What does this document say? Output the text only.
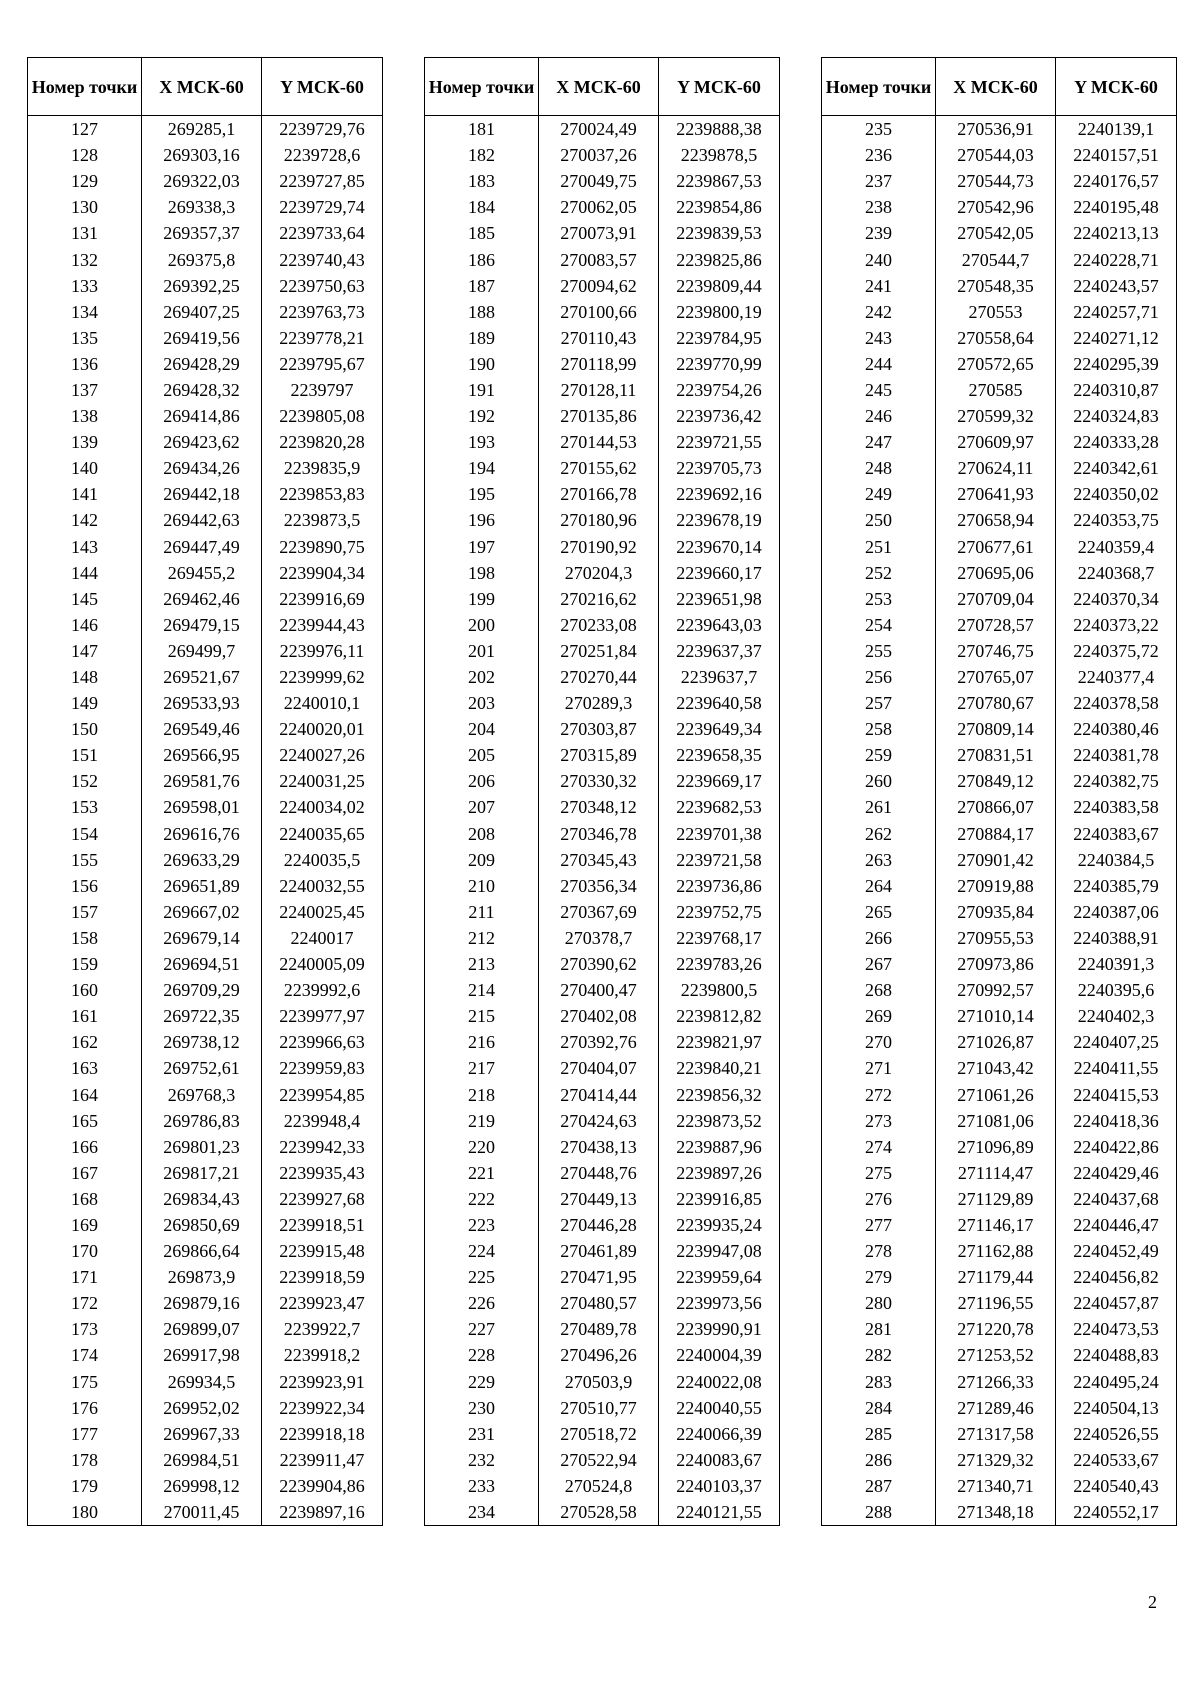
Номер точки	X МСК-60	Y МСК-60
127	269285,1	2239729,76
128	269303,16	2239728,6
129	269322,03	2239727,85
130	269338,3	2239729,74
131	269357,37	2239733,64
132	269375,8	2239740,43
133	269392,25	2239750,63
134	269407,25	2239763,73
135	269419,56	2239778,21
136	269428,29	2239795,67
137	269428,32	2239797
138	269414,86	2239805,08
139	269423,62	2239820,28
140	269434,26	2239835,9
141	269442,18	2239853,83
142	269442,63	2239873,5
143	269447,49	2239890,75
144	269455,2	2239904,34
145	269462,46	2239916,69
146	269479,15	2239944,43
147	269499,7	2239976,11
148	269521,67	2239999,62
149	269533,93	2240010,1
150	269549,46	2240020,01
151	269566,95	2240027,26
152	269581,76	2240031,25
153	269598,01	2240034,02
154	269616,76	2240035,65
155	269633,29	2240035,5
156	269651,89	2240032,55
157	269667,02	2240025,45
158	269679,14	2240017
159	269694,51	2240005,09
160	269709,29	2239992,6
161	269722,35	2239977,97
162	269738,12	2239966,63
163	269752,61	2239959,83
164	269768,3	2239954,85
165	269786,83	2239948,4
166	269801,23	2239942,33
167	269817,21	2239935,43
168	269834,43	2239927,68
169	269850,69	2239918,51
170	269866,64	2239915,48
171	269873,9	2239918,59
172	269879,16	2239923,47
173	269899,07	2239922,7
174	269917,98	2239918,2
175	269934,5	2239923,91
176	269952,02	2239922,34
177	269967,33	2239918,18
178	269984,51	2239911,47
179	269998,12	2239904,86
180	270011,45	2239897,16
Номер точки	X МСК-60	Y МСК-60
181	270024,49	2239888,38
182	270037,26	2239878,5
183	270049,75	2239867,53
184	270062,05	2239854,86
185	270073,91	2239839,53
186	270083,57	2239825,86
187	270094,62	2239809,44
188	270100,66	2239800,19
189	270110,43	2239784,95
190	270118,99	2239770,99
191	270128,11	2239754,26
192	270135,86	2239736,42
193	270144,53	2239721,55
194	270155,62	2239705,73
195	270166,78	2239692,16
196	270180,96	2239678,19
197	270190,92	2239670,14
198	270204,3	2239660,17
199	270216,62	2239651,98
200	270233,08	2239643,03
201	270251,84	2239637,37
202	270270,44	2239637,7
203	270289,3	2239640,58
204	270303,87	2239649,34
205	270315,89	2239658,35
206	270330,32	2239669,17
207	270348,12	2239682,53
208	270346,78	2239701,38
209	270345,43	2239721,58
210	270356,34	2239736,86
211	270367,69	2239752,75
212	270378,7	2239768,17
213	270390,62	2239783,26
214	270400,47	2239800,5
215	270402,08	2239812,82
216	270392,76	2239821,97
217	270404,07	2239840,21
218	270414,44	2239856,32
219	270424,63	2239873,52
220	270438,13	2239887,96
221	270448,76	2239897,26
222	270449,13	2239916,85
223	270446,28	2239935,24
224	270461,89	2239947,08
225	270471,95	2239959,64
226	270480,57	2239973,56
227	270489,78	2239990,91
228	270496,26	2240004,39
229	270503,9	2240022,08
230	270510,77	2240040,55
231	270518,72	2240066,39
232	270522,94	2240083,67
233	270524,8	2240103,37
234	270528,58	2240121,55
Номер точки	X МСК-60	Y МСК-60
235	270536,91	2240139,1
236	270544,03	2240157,51
237	270544,73	2240176,57
238	270542,96	2240195,48
239	270542,05	2240213,13
240	270544,7	2240228,71
241	270548,35	2240243,57
242	270553	2240257,71
243	270558,64	2240271,12
244	270572,65	2240295,39
245	270585	2240310,87
246	270599,32	2240324,83
247	270609,97	2240333,28
248	270624,11	2240342,61
249	270641,93	2240350,02
250	270658,94	2240353,75
251	270677,61	2240359,4
252	270695,06	2240368,7
253	270709,04	2240370,34
254	270728,57	2240373,22
255	270746,75	2240375,72
256	270765,07	2240377,4
257	270780,67	2240378,58
258	270809,14	2240380,46
259	270831,51	2240381,78
260	270849,12	2240382,75
261	270866,07	2240383,58
262	270884,17	2240383,67
263	270901,42	2240384,5
264	270919,88	2240385,79
265	270935,84	2240387,06
266	270955,53	2240388,91
267	270973,86	2240391,3
268	270992,57	2240395,6
269	271010,14	2240402,3
270	271026,87	2240407,25
271	271043,42	2240411,55
272	271061,26	2240415,53
273	271081,06	2240418,36
274	271096,89	2240422,86
275	271114,47	2240429,46
276	271129,89	2240437,68
277	271146,17	2240446,47
278	271162,88	2240452,49
279	271179,44	2240456,82
280	271196,55	2240457,87
281	271220,78	2240473,53
282	271253,52	2240488,83
283	271266,33	2240495,24
284	271289,46	2240504,13
285	271317,58	2240526,55
286	271329,32	2240533,67
287	271340,71	2240540,43
288	271348,18	2240552,17
2
